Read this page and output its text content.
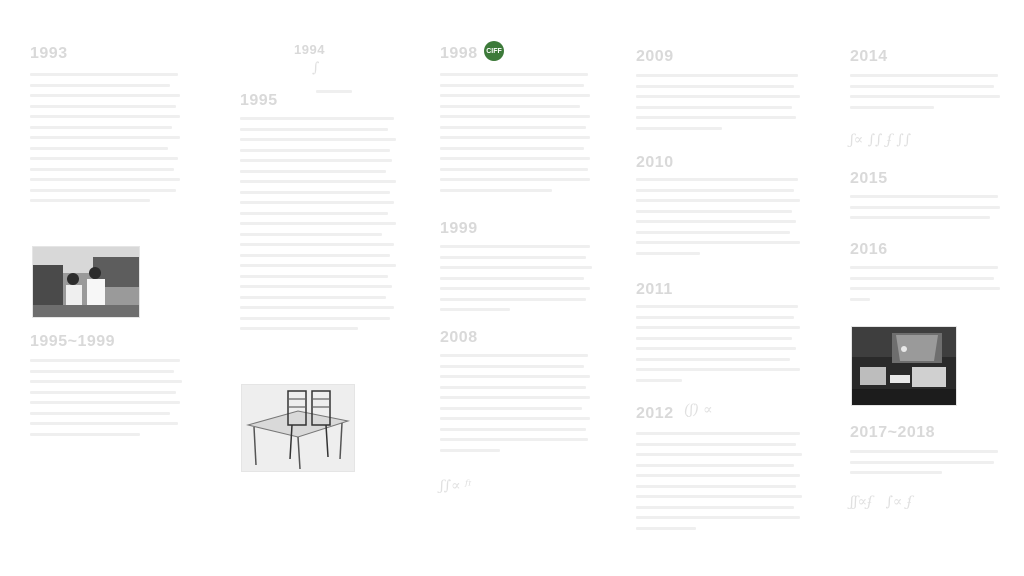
1993
1995~1999
1994
∫
1995
1998	CIFF
1999
2008
ʃ∫∝ ᶠᶦ
2009
2010
2011
2012 (ʃ) ∝
2014
ʃ∝ ∫∫ ʄ ∫∫
2015
2016
2017~2018
ʃʃ∝ʄ   ∫∝ ʄ
